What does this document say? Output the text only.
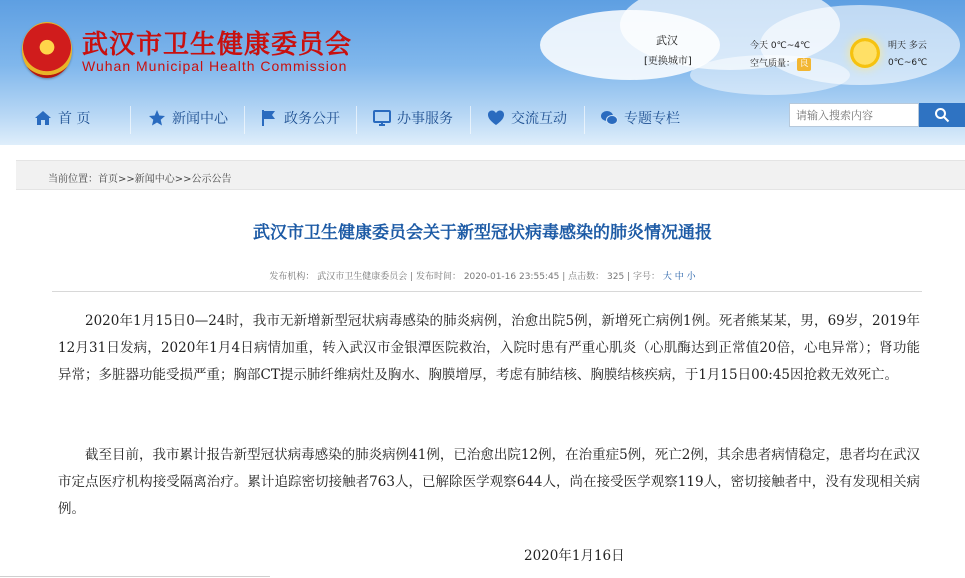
武汉市卫生健康委员会
Wuhan Municipal Health Commission
武汉
[更换城市]
今天 0℃~4℃
空气质量： 良
明天 多云
0℃~6℃
首 页	新闻中心	政务公开	办事服务	交流互动	专题专栏
请输入搜索内容
当前位置：首页>>新闻中心>>公示公告
武汉市卫生健康委员会关于新型冠状病毒感染的肺炎情况通报
发布机构： 武汉市卫生健康委员会 | 发布时间： 2020-01-16 23:55:45 | 点击数： 325 | 字号： 大 中 小

2020年1月15日0—24时，我市无新增新型冠状病毒感染的肺炎病例，治愈出院5例，新增死亡病例1例。死者熊某某，男，69岁，2019年12月31日发病，2020年1月4日病情加重，转入武汉市金银潭医院救治，入院时患有严重心肌炎（心肌酶达到正常值20倍，心电异常）；肾功能异常；多脏器功能受损严重；胸部CT提示肺纤维病灶及胸水、胸膜增厚，考虑有肺结核、胸膜结核疾病，于1月15日00:45因抢救无效死亡。

截至目前，我市累计报告新型冠状病毒感染的肺炎病例41例，已治愈出院12例，在治重症5例，死亡2例，其余患者病情稳定，患者均在武汉市定点医疗机构接受隔离治疗。累计追踪密切接触者763人，已解除医学观察644人，尚在接受医学观察119人，密切接触者中，没有发现相关病例。

2020年1月16日
